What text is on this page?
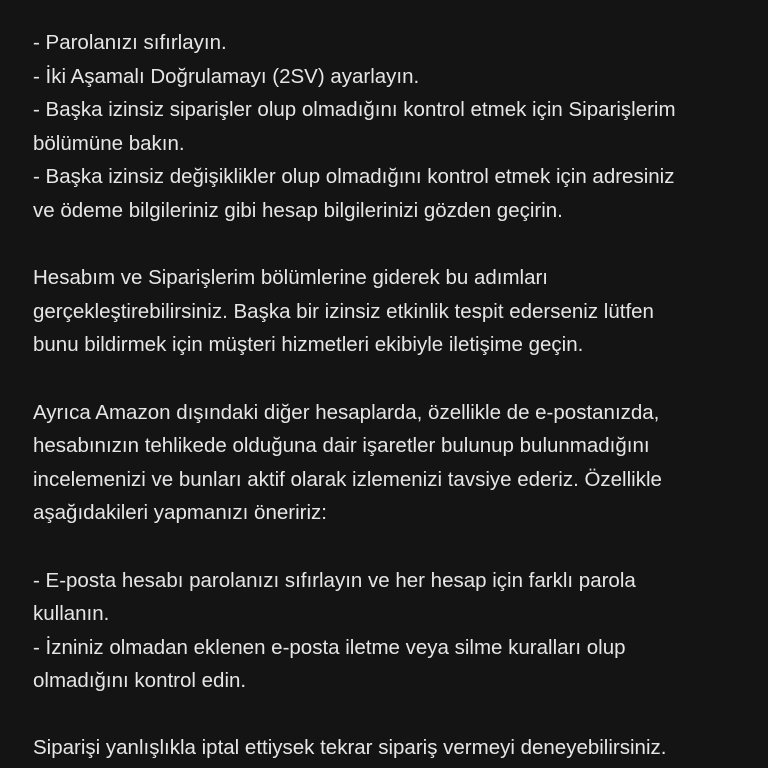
- Parolanızı sıfırlayın.
- İki Aşamalı Doğrulamayı (2SV) ayarlayın.
- Başka izinsiz siparişler olup olmadığını kontrol etmek için Siparişlerim
bölümüne bakın.
- Başka izinsiz değişiklikler olup olmadığını kontrol etmek için adresiniz
ve ödeme bilgileriniz gibi hesap bilgilerinizi gözden geçirin.
Hesabım ve Siparişlerim bölümlerine giderek bu adımları
gerçekleştirebilirsiniz. Başka bir izinsiz etkinlik tespit ederseniz lütfen
bunu bildirmek için müşteri hizmetleri ekibiyle iletişime geçin.
Ayrıca Amazon dışındaki diğer hesaplarda, özellikle de e-postanızda,
hesabınızın tehlikede olduğuna dair işaretler bulunup bulunmadığını
incelemenizi ve bunları aktif olarak izlemenizi tavsiye ederiz. Özellikle
aşağıdakileri yapmanızı öneririz:
- E-posta hesabı parolanızı sıfırlayın ve her hesap için farklı parola
kullanın.
- İzniniz olmadan eklenen e-posta iletme veya silme kuralları olup
olmadığını kontrol edin.
Siparişi yanlışlıkla iptal ettiysek tekrar sipariş vermeyi deneyebilirsiniz.
